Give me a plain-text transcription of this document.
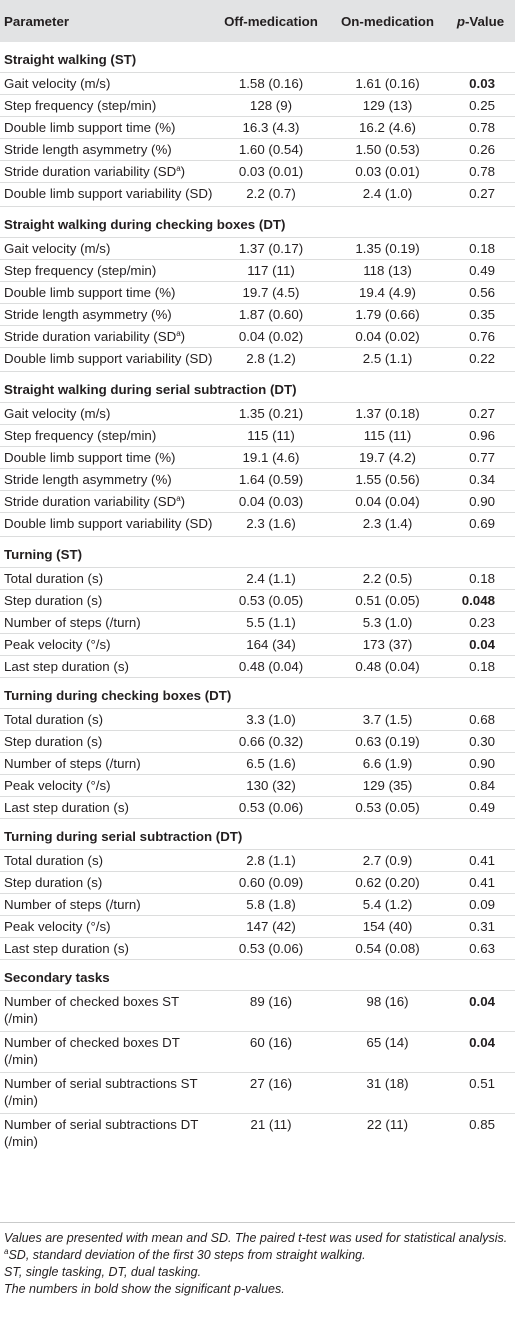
Parameter	Off-medication	On-medication	p-Value
Straight walking (ST)			
Gait velocity (m/s)	1.58 (0.16)	1.61 (0.16)	0.03
Step frequency (step/min)	128 (9)	129 (13)	0.25
Double limb support time (%)	16.3 (4.3)	16.2 (4.6)	0.78
Stride length asymmetry (%)	1.60 (0.54)	1.50 (0.53)	0.26
Stride duration variability $(SD^a)$	0.03 (0.01)	0.03 (0.01)	0.78
Double limb support variability (SD)	2.2 (0.7)	2.4 (1.0)	0.27
Straight walking during checking boxes (DT)			
Gait velocity (m/s)	1.37 (0.17)	1.35 (0.19)	0.18
Step frequency (step/min)	117 (11)	118 (13)	0.49
Double limb support time (%)	19.7 (4.5)	19.4 (4.9)	0.56
Stride length asymmetry (%)	1.87 (0.60)	1.79 (0.66)	0.35
Stride duration variability $(SD^a)$	0.04 (0.02)	0.04 (0.02)	0.76
Double limb support variability (SD)	2.8 (1.2)	2.5 (1.1)	0.22
Straight walking during serial subtraction (DT)			
Gait velocity (m/s)	1.35 (0.21)	1.37 (0.18)	0.27
Step frequency (step/min)	115 (11)	115 (11)	0.96
Double limb support time (%)	19.1 (4.6)	19.7 (4.2)	0.77
Stride length asymmetry (%)	1.64 (0.59)	1.55 (0.56)	0.34
Stride duration variability $(SD^a)$	0.04 (0.03)	0.04 (0.04)	0.90
Double limb support variability (SD)	2.3 (1.6)	2.3 (1.4)	0.69
Turning (ST)			
Total duration (s)	2.4 (1.1)	2.2 (0.5)	0.18
Step duration (s)	0.53 (0.05)	0.51 (0.05)	0.048
Number of steps (/turn)	5.5 (1.1)	5.3 (1.0)	0.23
Peak velocity (°/s)	164 (34)	173 (37)	0.04
Last step duration (s)	0.48 (0.04)	0.48 (0.04)	0.18
Turning during checking boxes (DT)			
Total duration (s)	3.3 (1.0)	3.7 (1.5)	0.68
Step duration (s)	0.66 (0.32)	0.63 (0.19)	0.30
Number of steps (/turn)	6.5 (1.6)	6.6 (1.9)	0.90
Peak velocity (°/s)	130 (32)	129 (35)	0.84
Last step duration (s)	0.53 (0.06)	0.53 (0.05)	0.49
Turning during serial subtraction (DT)			
Total duration (s)	2.8 (1.1)	2.7 (0.9)	0.41
Step duration (s)	0.60 (0.09)	0.62 (0.20)	0.41
Number of steps (/turn)	5.8 (1.8)	5.4 (1.2)	0.09
Peak velocity (°/s)	147 (42)	154 (40)	0.31
Last step duration (s)	0.53 (0.06)	0.54 (0.08)	0.63
Secondary tasks			
Number of checked boxes ST (/min)	89 (16)	98 (16)	0.04
Number of checked boxes DT (/min)	60 (16)	65 (14)	0.04
Number of serial subtractions ST (/min)	27 (16)	31 (18)	0.51
Number of serial subtractions DT (/min)	21 (11)	22 (11)	0.85

Values are presented with mean and SD. The paired t-test was used for statistical analysis.

$^a$SD, standard deviation of the first 30 steps from straight walking.

ST, single tasking, DT, dual tasking.

The numbers in bold show the significant p-values.
